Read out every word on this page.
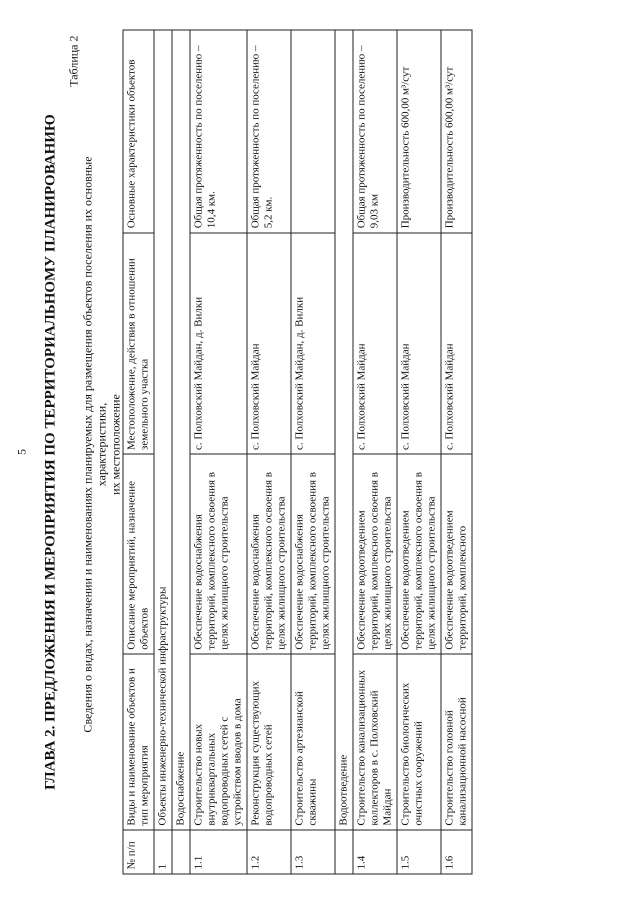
5 ГЛАВА 2. ПРЕДЛОЖЕНИЯ И МЕРОПРИЯТИЯ ПО ТЕРРИТОРИАЛЬНОМУ ПЛАНИРОВАНИЮ
Таблица 2
Сведения о видах, назначении и наименованиях планируемых для размещения объектов поселения их основные характеристики, их местоположение
№ п/п	Виды и наименование объектов и тип мероприятия	Описание мероприятий, назначение объектов	Местоположение, действия в отношении земельного участка	Основные характеристики объектов
1	Объекты инженерно-технической инфраструктуры			
	Водоснабжение			
1.1	Строительство новых внутриквартальных водопроводных сетей с устройством вводов в дома	Обеспечение водоснабжения территорий, комплексного освоения в целях жилищного строительства	с. Полховский Майдан, д. Вилки	Общая протяженность по поселению – 10,4 км.
1.2	Реконструкция существующих водопроводных сетей	Обеспечение водоснабжения территорий, комплексного освоения в целях жилищного строительства	с. Полховский Майдан	Общая протяженность по поселению – 5,2 км.
1.3	Строительство артезианской скважины	Обеспечение водоснабжения территорий, комплексного освоения в целях жилищного строительства	с. Полховский Майдан, д. Вилки	
	Водоотведение			
1.4	Строительство канализационных коллекторов в с. Полховский Майдан	Обеспечение водоотведением территорий, комплексного освоения в целях жилищного строительства	с. Полховский Майдан	Общая протяженность по поселению – 9,03 км
1.5	Строительство биологических очистных сооружений	Обеспечение водоотведением территорий, комплексного освоения в целях жилищного строительства	с. Полховский Майдан	Производительность 600,00 м³/сут
1.6	Строительство головной канализационной насосной	Обеспечение водоотведением территорий, комплексного	с. Полховский Майдан	Производительность 600,00 м³/сут
